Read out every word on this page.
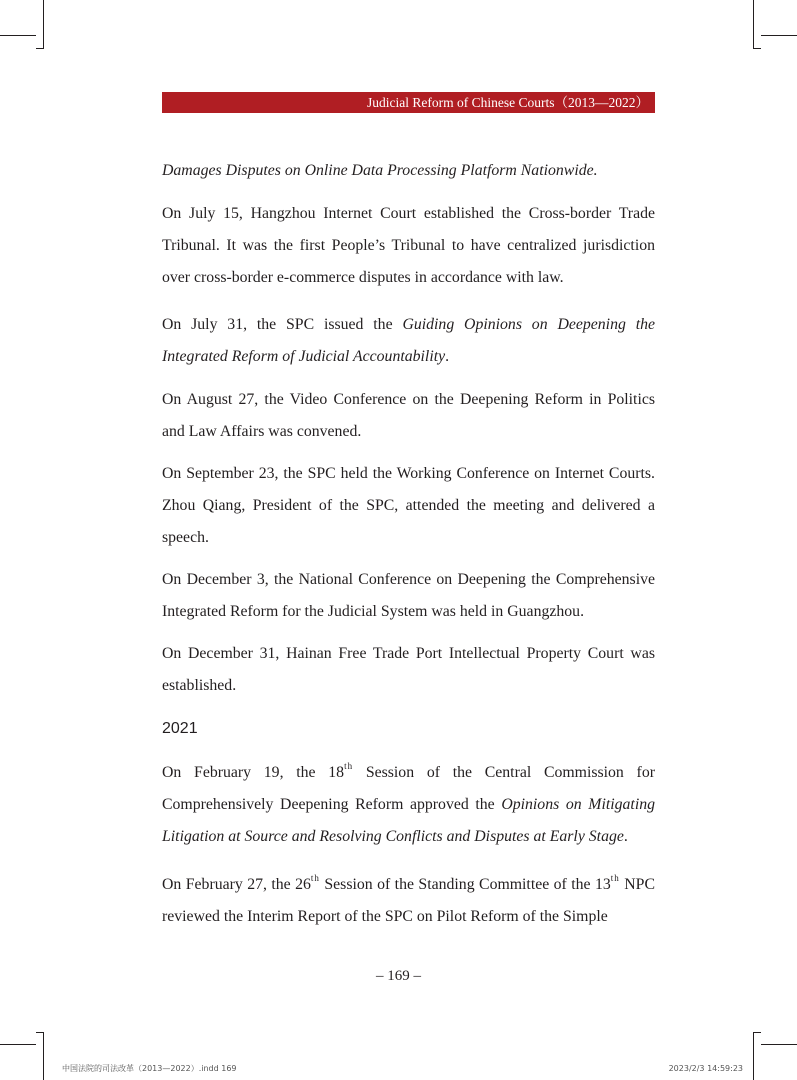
Judicial Reform of Chinese Courts（2013—2022）

Damages Disputes on Online Data Processing Platform Nationwide.

On July 15, Hangzhou Internet Court established the Cross-border Trade Tribunal. It was the first People’s Tribunal to have centralized jurisdiction over cross-border e-commerce disputes in accordance with law.

On July 31, the SPC issued the Guiding Opinions on Deepening the Integrated Reform of Judicial Accountability.

On August 27, the Video Conference on the Deepening Reform in Politics and Law Affairs was convened.

On September 23, the SPC held the Working Conference on Internet Courts. Zhou Qiang, President of the SPC, attended the meeting and delivered a speech.

On December 3, the National Conference on Deepening the Comprehensive Integrated Reform for the Judicial System was held in Guangzhou.

On December 31, Hainan Free Trade Port Intellectual Property Court was established.

2021

On February 19, the 18th Session of the Central Commission for Comprehensively Deepening Reform approved the Opinions on Mitigating Litigation at Source and Resolving Conflicts and Disputes at Early Stage.

On February 27, the 26th Session of the Standing Committee of the 13th NPC reviewed the Interim Report of the SPC on Pilot Reform of the Simple

– 169 –
中国法院的司法改革（2013—2022）.indd 169	2023/2/3 14:59:23
